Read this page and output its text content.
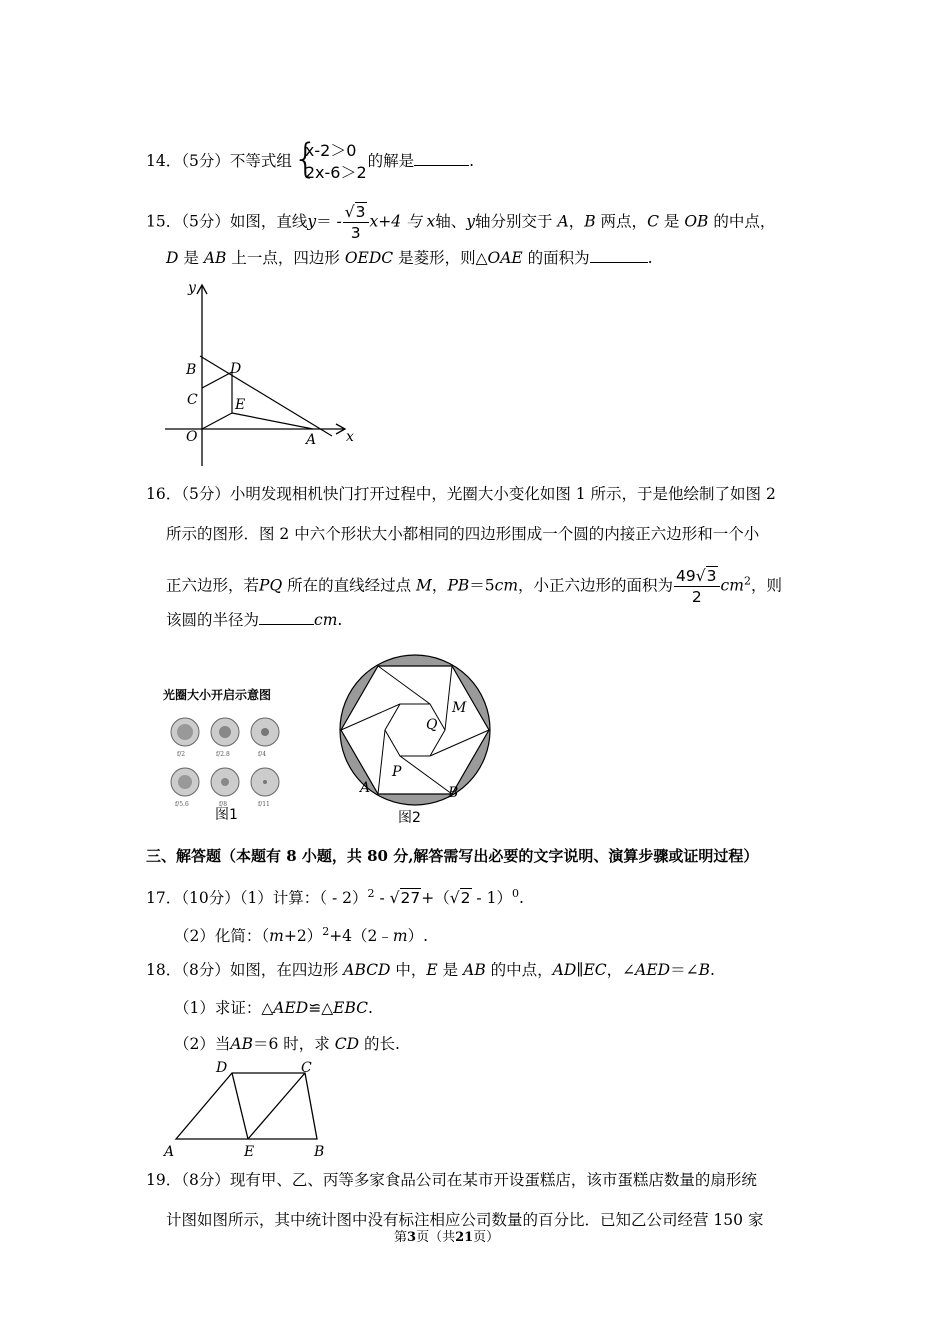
14．（5分）不等式组 {
x-2＞0
2x-6＞2
的解是	.
15．（5分）如图，直线$y= - \frac{√3}{3} x+4$ 与 x轴、y轴分别交于 A，B 两点，C 是 OB 的中点，
D 是 AB 上一点，四边形 OEDC 是菱形，则△OAE 的面积为	.
y
x
B D
C	E
O	A
16．（5分）小明发现相机快门打开过程中，光圈大小变化如图 1 所示，于是他绘制了如图 2
所示的图形．图 2 中六个形状大小都相同的四边形围成一个圆的内接正六边形和一个小
正六边形，若PQ 所在的直线经过点 M，PB＝5cm，小正六边形的面积为 $\frac{49√3}{2} cm^2$，则
该圆的半径为	cm.
光圈大小开启示意图
f/2	f/2.8	f/4
f/5.6	f/8	f/11
图1
Q
M
P
A	B
图2
三、解答题（本题有 8 小题，共 80 分,解答需写出必要的文字说明、演算步骤或证明过程）
17．（10分）（1）计算：（ - 2）$^2$ - √27+（√2 - 1）$^0$.
（2）化简：$(m+2)^2+4(2﹣m)$.
18．（8分）如图，在四边形 ABCD 中，E 是 AB 的中点，AD∥EC，∠AED＝∠B.
（1）求证：△AED≌△EBC.
（2）当AB＝6 时，求 CD 的长.
D	C
A	E	B
19．（8分）现有甲、乙、丙等多家食品公司在某市开设蛋糕店，该市蛋糕店数量的扇形统
计图如图所示，其中统计图中没有标注相应公司数量的百分比．已知乙公司经营 150 家
第3页（共21页）
